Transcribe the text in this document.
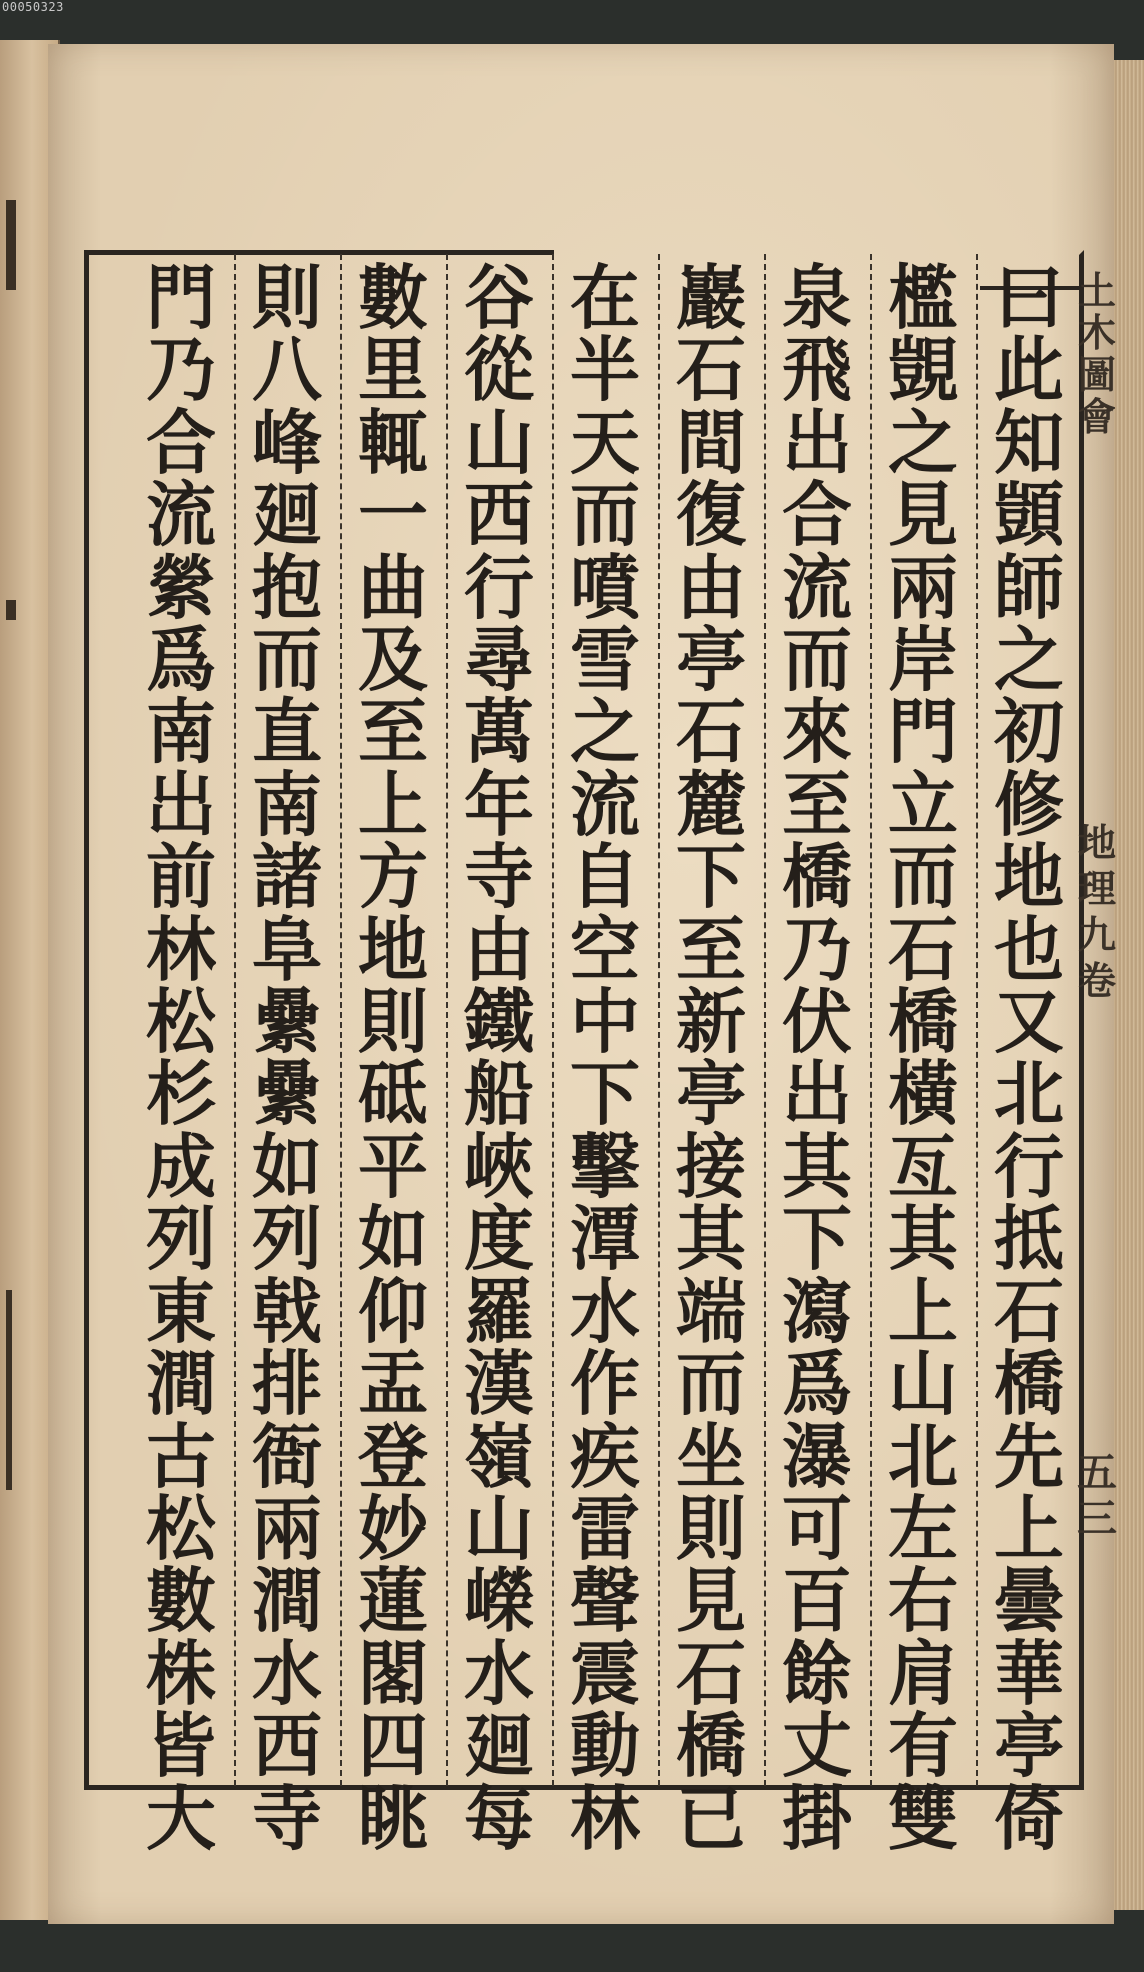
00050323
土
木
圖
會
地
理
九
卷
五
三
曰
此
知
顗
師
之
初
修
地
也
又
北
行
抵
石
橋
先
上
曇
華
亭
倚
檻
覬
之
見
兩
岸
門
立
而
石
橋
橫
亙
其
上
山
北
左
右
肩
有
雙
泉
飛
出
合
流
而
來
至
橋
乃
伏
出
其
下
瀉
爲
瀑
可
百
餘
丈
掛
巖
石
間
復
由
亭
石
麓
下
至
新
亭
接
其
端
而
坐
則
見
石
橋
已
在
半
天
而
噴
雪
之
流
自
空
中
下
擊
潭
水
作
疾
雷
聲
震
動
林
谷
從
山
西
行
尋
萬
年
寺
由
鐵
船
峽
度
羅
漢
嶺
山
嶸
水
廻
每
數
里
輒
一
曲
及
至
上
方
地
則
砥
平
如
仰
盂
登
妙
蓮
閣
四
眺
則
八
峰
廻
抱
而
直
南
諸
阜
纍
纍
如
列
戟
排
衙
兩
澗
水
西
寺
門
乃
合
流
縈
爲
南
出
前
林
松
杉
成
列
東
澗
古
松
數
株
皆
大
